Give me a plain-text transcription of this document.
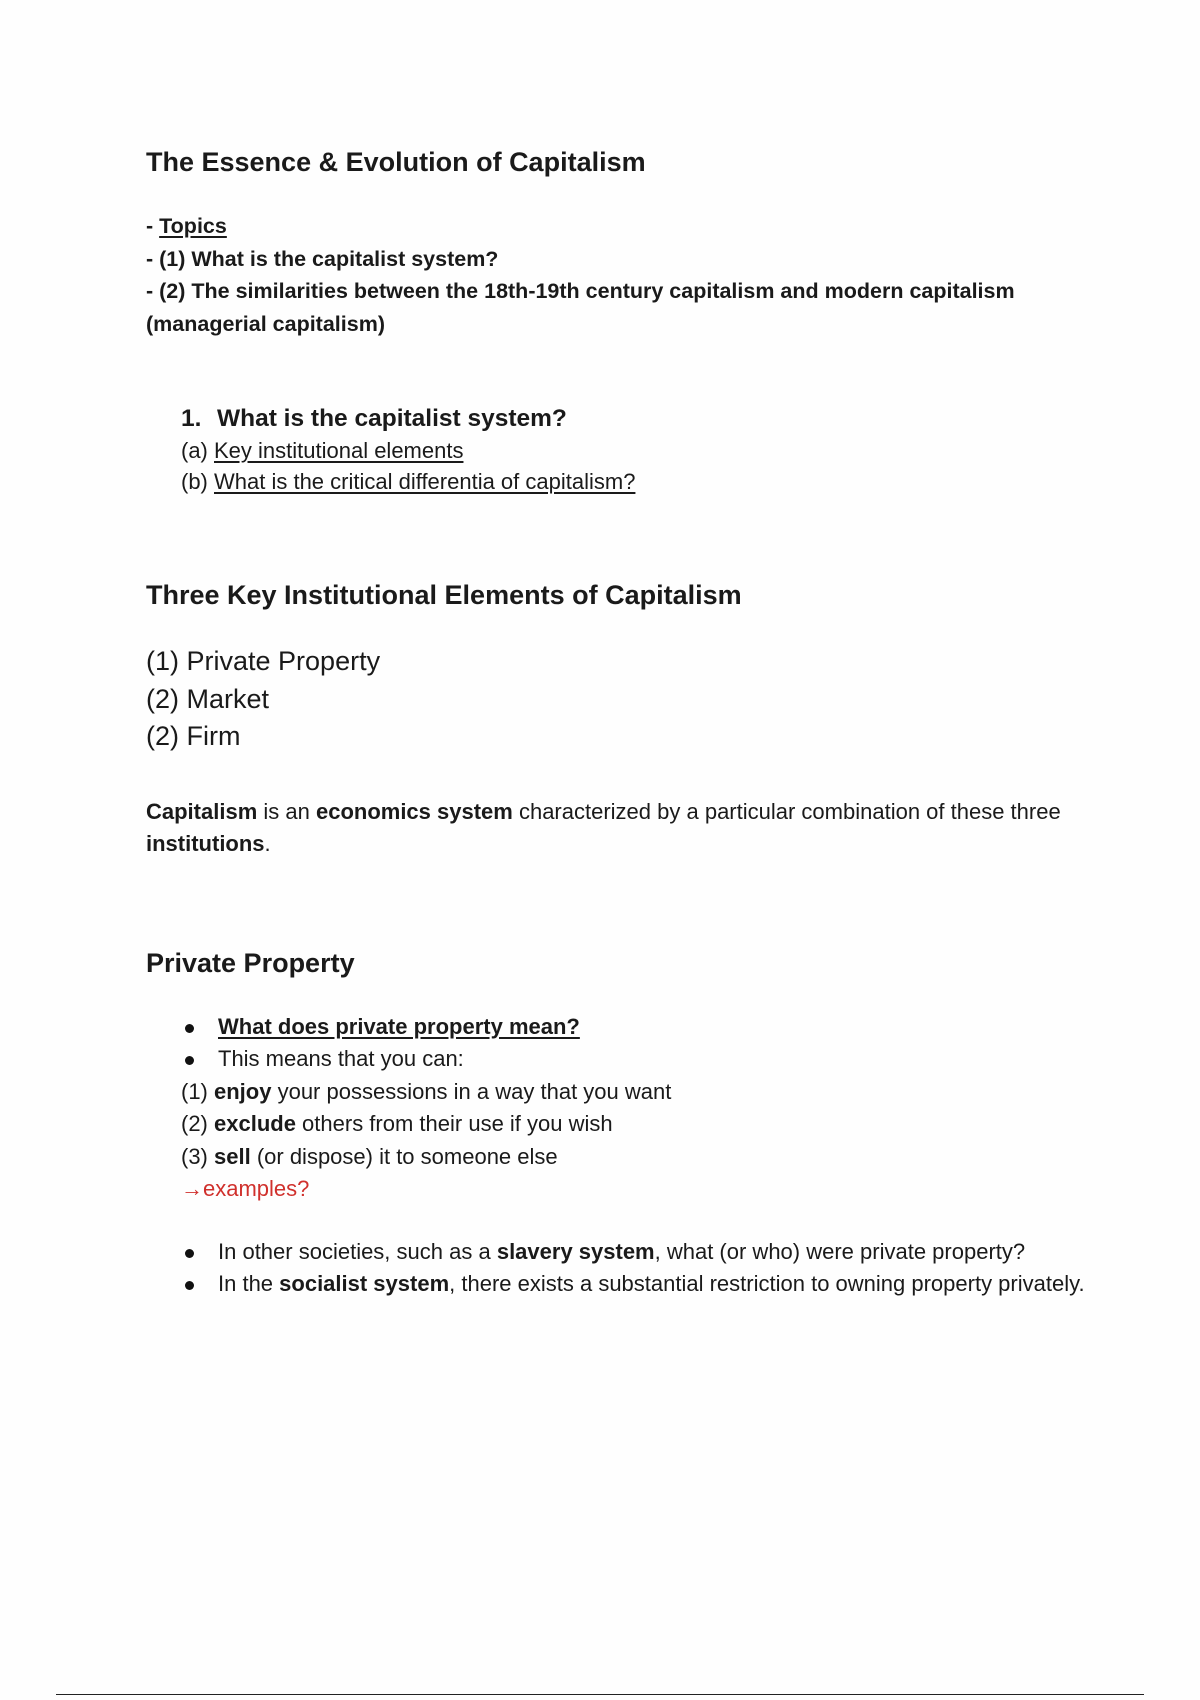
The Essence & Evolution of Capitalism
- Topics
- (1) What is the capitalist system?
- (2) The similarities between the 18th-19th century capitalism and modern capitalism (managerial capitalism)
1. What is the capitalist system?
(a) Key institutional elements
(b) What is the critical differentia of capitalism?
Three Key Institutional Elements of Capitalism
(1) Private Property
(2) Market
(2) Firm
Capitalism is an economics system characterized by a particular combination of these three institutions.
Private Property
What does private property mean?
This means that you can:
(1) enjoy your possessions in a way that you want
(2) exclude others from their use if you wish
(3) sell (or dispose) it to someone else
→examples?
In other societies, such as a slavery system, what (or who) were private property?
In the socialist system, there exists a substantial restriction to owning property privately.
